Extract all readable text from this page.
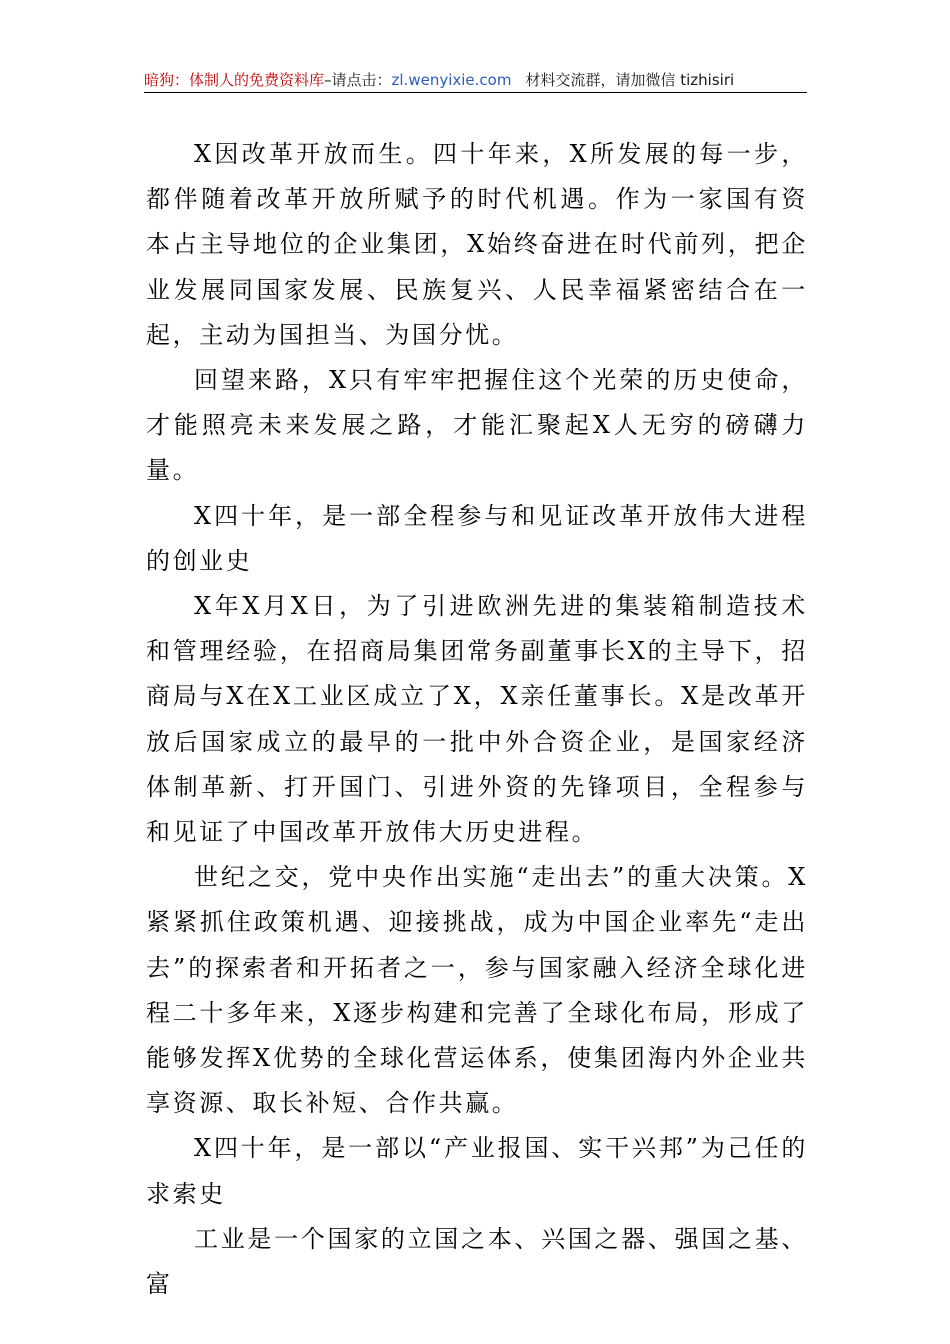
暗狗：体制人的免费资料库–请点击：zl.wenyixie.com 材料交流群，请加微信 tizhisiri

X因改革开放而生。四十年来，X所发展的每一步，都伴随着改革开放所赋予的时代机遇。作为一家国有资本占主导地位的企业集团，X始终奋进在时代前列，把企业发展同国家发展、民族复兴、人民幸福紧密结合在一起，主动为国担当、为国分忧。

回望来路，X只有牢牢把握住这个光荣的历史使命，才能照亮未来发展之路，才能汇聚起X人无穷的磅礴力量。

X四十年，是一部全程参与和见证改革开放伟大进程的创业史

X年X月X日，为了引进欧洲先进的集装箱制造技术和管理经验，在招商局集团常务副董事长X的主导下，招商局与X在X工业区成立了X，X亲任董事长。X是改革开放后国家成立的最早的一批中外合资企业，是国家经济体制革新、打开国门、引进外资的先锋项目，全程参与和见证了中国改革开放伟大历史进程。

世纪之交，党中央作出实施“走出去”的重大决策。X紧紧抓住政策机遇、迎接挑战，成为中国企业率先“走出去”的探索者和开拓者之一，参与国家融入经济全球化进程二十多年来，X逐步构建和完善了全球化布局，形成了能够发挥X优势的全球化营运体系，使集团海内外企业共享资源、取长补短、合作共赢。

X四十年，是一部以“产业报国、实干兴邦”为己任的求索史

工业是一个国家的立国之本、兴国之器、强国之基、富
